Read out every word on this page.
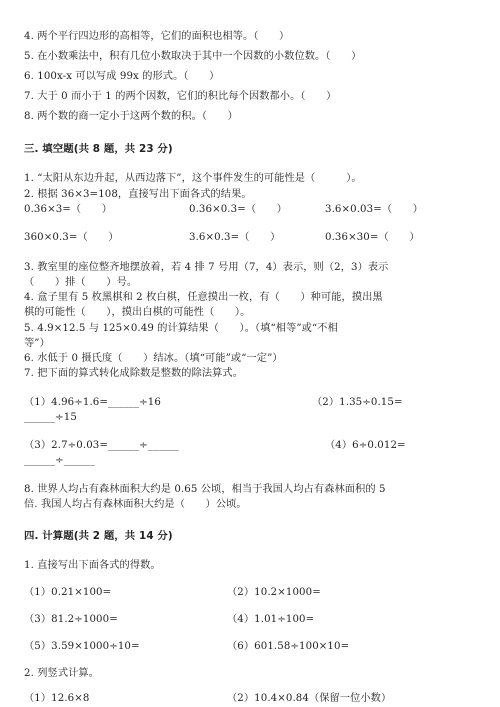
4. 两个平行四边形的高相等，它们的面积也相等。（　　）
5. 在小数乘法中，积有几位小数取决于其中一个因数的小数位数。（　　）
6. 100x-x 可以写成 99x 的形式。（　　）
7. 大于 0 而小于 1 的两个因数，它们的积比每个因数都小。（　　）
8. 两个数的商一定小于这两个数的积。（　　）
三. 填空题(共 8 题，共 23 分)
1. “太阳从东边升起，从西边落下”，这个事件发生的可能性是（　　　）。
2. 根据 36×3=108，直接写出下面各式的结果。
0.36×3=（　　）	0.36×0.3=（　　）	3.6×0.03=（　　）
360×0.3=（　　）	3.6×0.3=（　　）	0.36×30=（　　）
3. 教室里的座位整齐地摆放着，若 4 排 7 号用（7，4）表示，则（2，3）表示
（　　）排（　　）号。
4. 盒子里有 5 枚黑棋和 2 枚白棋，任意摸出一枚，有（　　）种可能，摸出黑
棋的可能性（　　），摸出白棋的可能性（　　）。
5. 4.9×12.5 与 125×0.49 的计算结果（　　）。（填“相等”或“不相
等”）
6. 水低于 0 摄氏度（　　）结冰。（填“可能”或“一定”）
7. 把下面的算式转化成除数是整数的除法算式。
（1）4.96÷1.6=______÷16	（2）1.35÷0.15=
______÷15
（3）2.7÷0.03=______÷______	（4）6÷0.012=
______÷______
8. 世界人均占有森林面积大约是 0.65 公顷，相当于我国人均占有森林面积的 5
倍. 我国人均占有森林面积大约是（　　）公顷。
四. 计算题(共 2 题，共 14 分)
1. 直接写出下面各式的得数。
（1）0.21×100=	（2）10.2×1000=
（3）81.2÷1000=	（4）1.01÷100=
（5）3.59×1000÷10=	（6）601.58÷100×10=
2. 列竖式计算。
（1）12.6×8	（2）10.4×0.84（保留一位小数）
